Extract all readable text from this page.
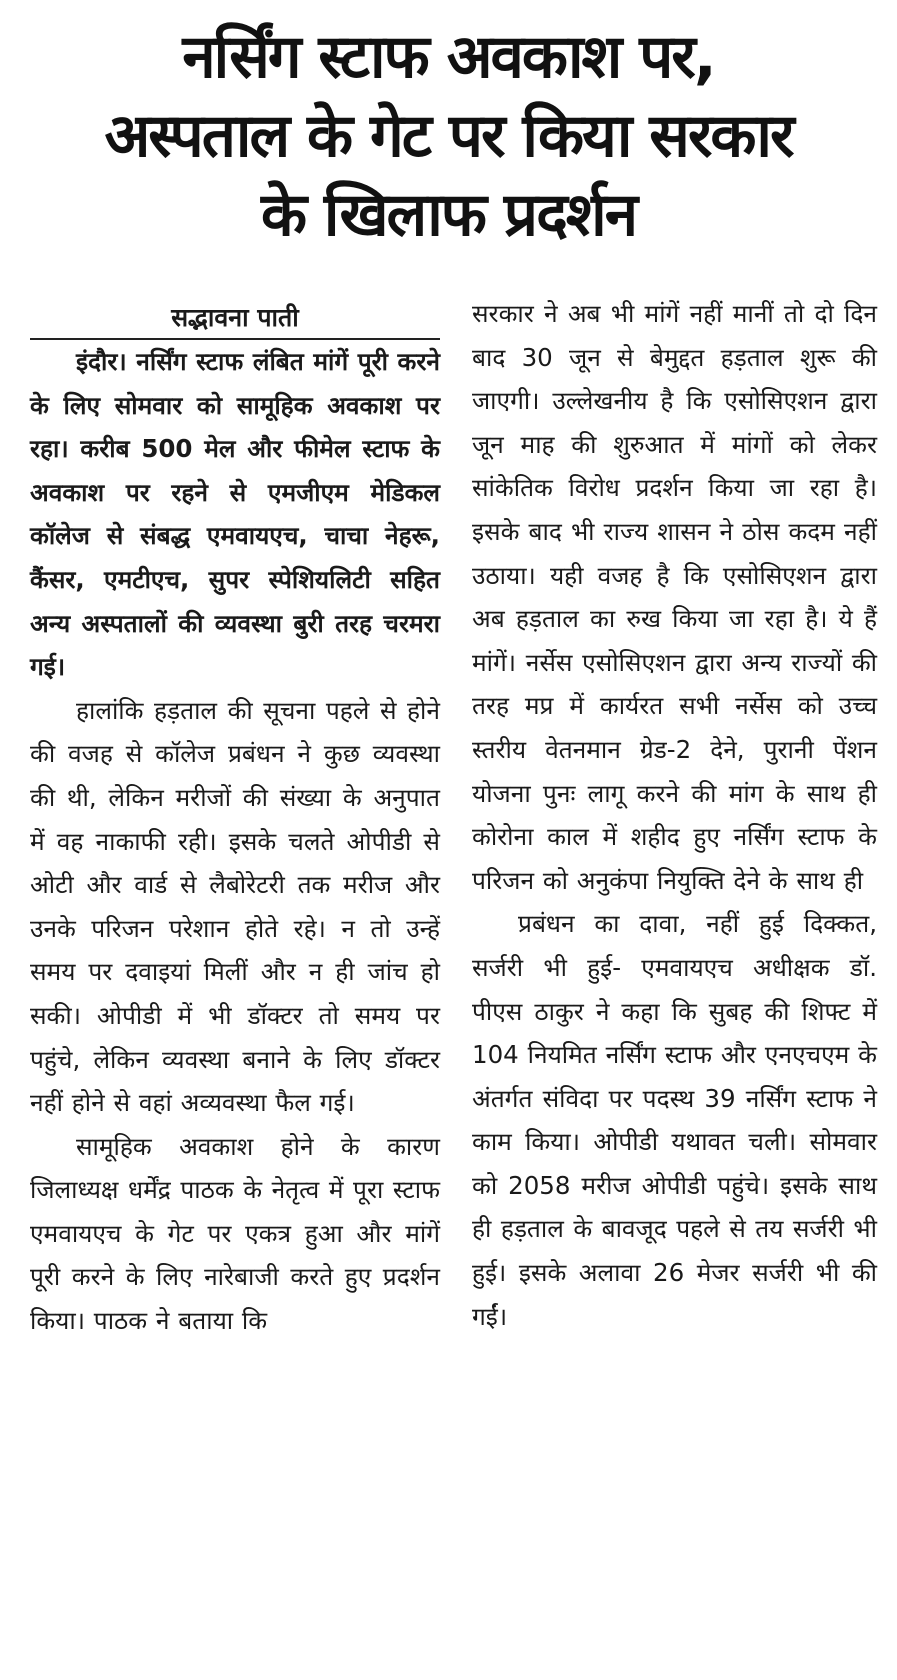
नर्सिंग स्टाफ अवकाश पर,
अस्पताल के गेट पर किया सरकार
के खिलाफ प्रदर्शन
सद्भावना पाती

इंदौर। नर्सिंग स्टाफ लंबित मांगें पूरी करने के लिए सोमवार को सामूहिक अवकाश पर रहा। करीब 500 मेल और फीमेल स्टाफ के अवकाश पर रहने से एमजीएम मेडिकल कॉलेज से संबद्ध एमवायएच, चाचा नेहरू, कैंसर, एमटीएच, सुपर स्पेशियलिटी सहित अन्य अस्पतालों की व्यवस्था बुरी तरह चरमरा गई।

हालांकि हड़ताल की सूचना पहले से होने की वजह से कॉलेज प्रबंधन ने कुछ व्यवस्था की थी, लेकिन मरीजों की संख्या के अनुपात में वह नाकाफी रही। इसके चलते ओपीडी से ओटी और वार्ड से लैबोरेटरी तक मरीज और उनके परिजन परेशान होते रहे। न तो उन्हें समय पर दवाइयां मिलीं और न ही जांच हो सकी। ओपीडी में भी डॉक्टर तो समय पर पहुंचे, लेकिन व्यवस्था बनाने के लिए डॉक्टर नहीं होने से वहां अव्यवस्था फैल गई।

सामूहिक अवकाश होने के कारण जिलाध्यक्ष धर्मेंद्र पाठक के नेतृत्व में पूरा स्टाफ एमवायएच के गेट पर एकत्र हुआ और मांगें पूरी करने के लिए नारेबाजी करते हुए प्रदर्शन किया। पाठक ने बताया कि

सरकार ने अब भी मांगें नहीं मानीं तो दो दिन बाद 30 जून से बेमुद्दत हड़ताल शुरू की जाएगी। उल्लेखनीय है कि एसोसिएशन द्वारा जून माह की शुरुआत में मांगों को लेकर सांकेतिक विरोध प्रदर्शन किया जा रहा है। इसके बाद भी राज्य शासन ने ठोस कदम नहीं उठाया। यही वजह है कि एसोसिएशन द्वारा अब हड़ताल का रुख किया जा रहा है। ये हैं मांगें। नर्सेस एसोसिएशन द्वारा अन्य राज्यों की तरह मप्र में कार्यरत सभी नर्सेस को उच्च स्तरीय वेतनमान ग्रेड-2 देने, पुरानी पेंशन योजना पुनः लागू करने की मांग के साथ ही कोरोना काल में शहीद हुए नर्सिंग स्टाफ के परिजन को अनुकंपा नियुक्ति देने के साथ ही

प्रबंधन का दावा, नहीं हुई दिक्कत, सर्जरी भी हुई- एमवायएच अधीक्षक डॉ. पीएस ठाकुर ने कहा कि सुबह की शिफ्ट में 104 नियमित नर्सिंग स्टाफ और एनएचएम के अंतर्गत संविदा पर पदस्थ 39 नर्सिंग स्टाफ ने काम किया। ओपीडी यथावत चली। सोमवार को 2058 मरीज ओपीडी पहुंचे। इसके साथ ही हड़ताल के बावजूद पहले से तय सर्जरी भी हुई। इसके अलावा 26 मेजर सर्जरी भी की गईं।
